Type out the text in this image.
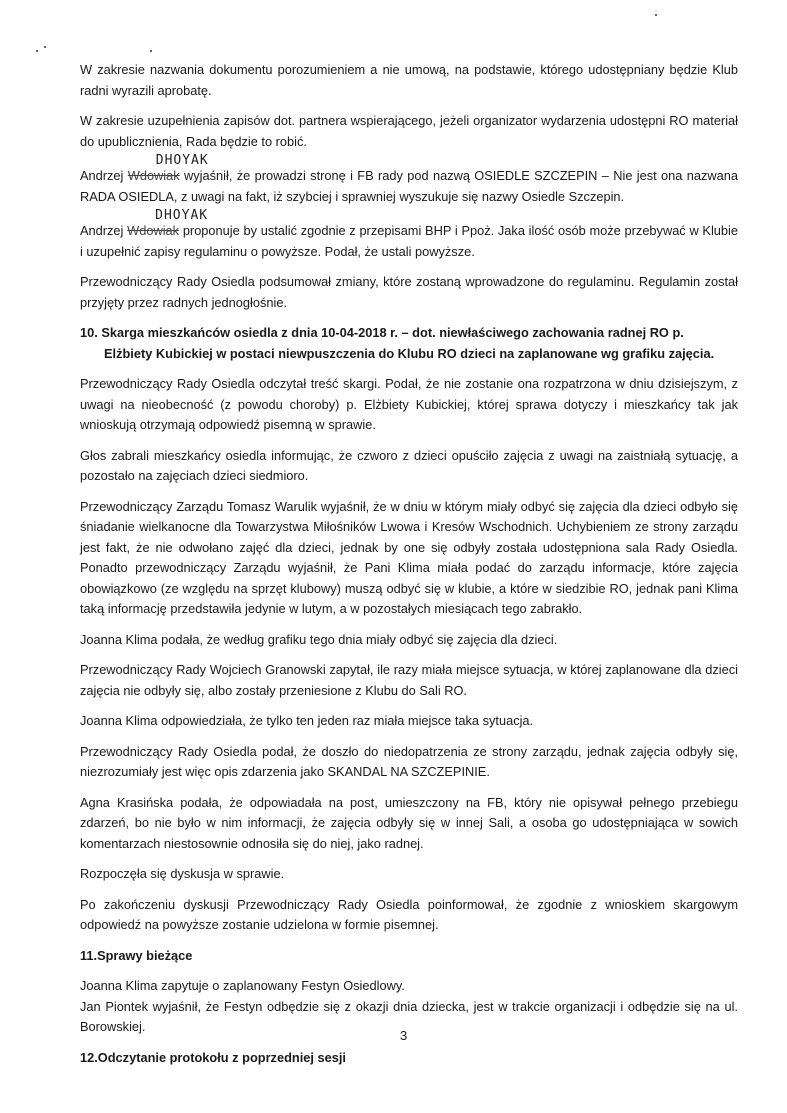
W zakresie nazwania dokumentu porozumieniem a nie umową, na podstawie, którego udostępniany będzie Klub radni wyrazili aprobatę.

W zakresie uzupełnienia zapisów dot. partnera wspierającego, jeżeli organizator wydarzenia udostępni RO materiał do upublicznienia, Rada będzie to robić.

Andrzej Wdowiak
DHOYAK
wyjaśnił, że prowadzi stronę i FB rady pod nazwą OSIEDLE SZCZEPIN – Nie jest ona nazwana RADA OSIEDLA, z uwagi na fakt, iż szybciej i sprawniej wyszukuje się nazwy Osiedle Szczepin.

Andrzej Wdowiak
DHOYAK
proponuje by ustalić zgodnie z przepisami BHP i Ppoż. Jaka ilość osób może przebywać w Klubie i uzupełnić zapisy regulaminu o powyższe. Podał, że ustali powyższe.

Przewodniczący Rady Osiedla podsumował zmiany, które zostaną wprowadzone do regulaminu. Regulamin został przyjęty przez radnych jednogłośnie.

10. Skarga mieszkańców osiedla z dnia 10-04-2018 r. – dot. niewłaściwego zachowania radnej RO p.
Elżbiety Kubickiej w postaci niewpuszczenia do Klubu RO dzieci na zaplanowane wg grafiku zajęcia.

Przewodniczący Rady Osiedla odczytał treść skargi. Podał, że nie zostanie ona rozpatrzona w dniu dzisiejszym, z uwagi na nieobecność (z powodu choroby) p. Elżbiety Kubickiej, której sprawa dotyczy i mieszkańcy tak jak wnioskują otrzymają odpowiedź pisemną w sprawie.

Głos zabrali mieszkańcy osiedla informując, że czworo z dzieci opuściło zajęcia z uwagi na zaistniałą sytuację, a pozostało na zajęciach dzieci siedmioro.

Przewodniczący Zarządu Tomasz Warulik wyjaśnił, że w dniu w którym miały odbyć się zajęcia dla dzieci odbyło się śniadanie wielkanocne dla Towarzystwa Miłośników Lwowa i Kresów Wschodnich. Uchybieniem ze strony zarządu jest fakt, że nie odwołano zajęć dla dzieci, jednak by one się odbyły została udostępniona sala Rady Osiedla. Ponadto przewodniczący Zarządu wyjaśnił, że Pani Klima miała podać do zarządu informacje, które zajęcia obowiązkowo (ze względu na sprzęt klubowy) muszą odbyć się w klubie, a które w siedzibie RO, jednak pani Klima taką informację przedstawiła jedynie w lutym, a w pozostałych miesiącach tego zabrakło.

Joanna Klima podała, że według grafiku tego dnia miały odbyć się zajęcia dla dzieci.

Przewodniczący Rady Wojciech Granowski zapytał, ile razy miała miejsce sytuacja, w której zaplanowane dla dzieci zajęcia nie odbyły się, albo zostały przeniesione z Klubu do Sali RO.

Joanna Klima odpowiedziała, że tylko ten jeden raz miała miejsce taka sytuacja.

Przewodniczący Rady Osiedla podał, że doszło do niedopatrzenia ze strony zarządu, jednak zajęcia odbyły się, niezrozumiały jest więc opis zdarzenia jako SKANDAL NA SZCZEPINIE.

Agna Krasińska podała, że odpowiadała na post, umieszczony na FB, który nie opisywał pełnego przebiegu zdarzeń, bo nie było w nim informacji, że zajęcia odbyły się w innej Sali, a osoba go udostępniająca w sowich komentarzach niestosownie odnosiła się do niej, jako radnej.

Rozpoczęła się dyskusja w sprawie.

Po zakończeniu dyskusji Przewodniczący Rady Osiedla poinformował, że zgodnie z wnioskiem skargowym odpowiedź na powyższe zostanie udzielona w formie pisemnej.

11.Sprawy bieżące

Joanna Klima zapytuje o zaplanowany Festyn Osiedlowy.

Jan Piontek wyjaśnił, że Festyn odbędzie się z okazji dnia dziecka, jest w trakcie organizacji i odbędzie się na ul. Borowskiej.

12.Odczytanie protokołu z poprzedniej sesji
3
